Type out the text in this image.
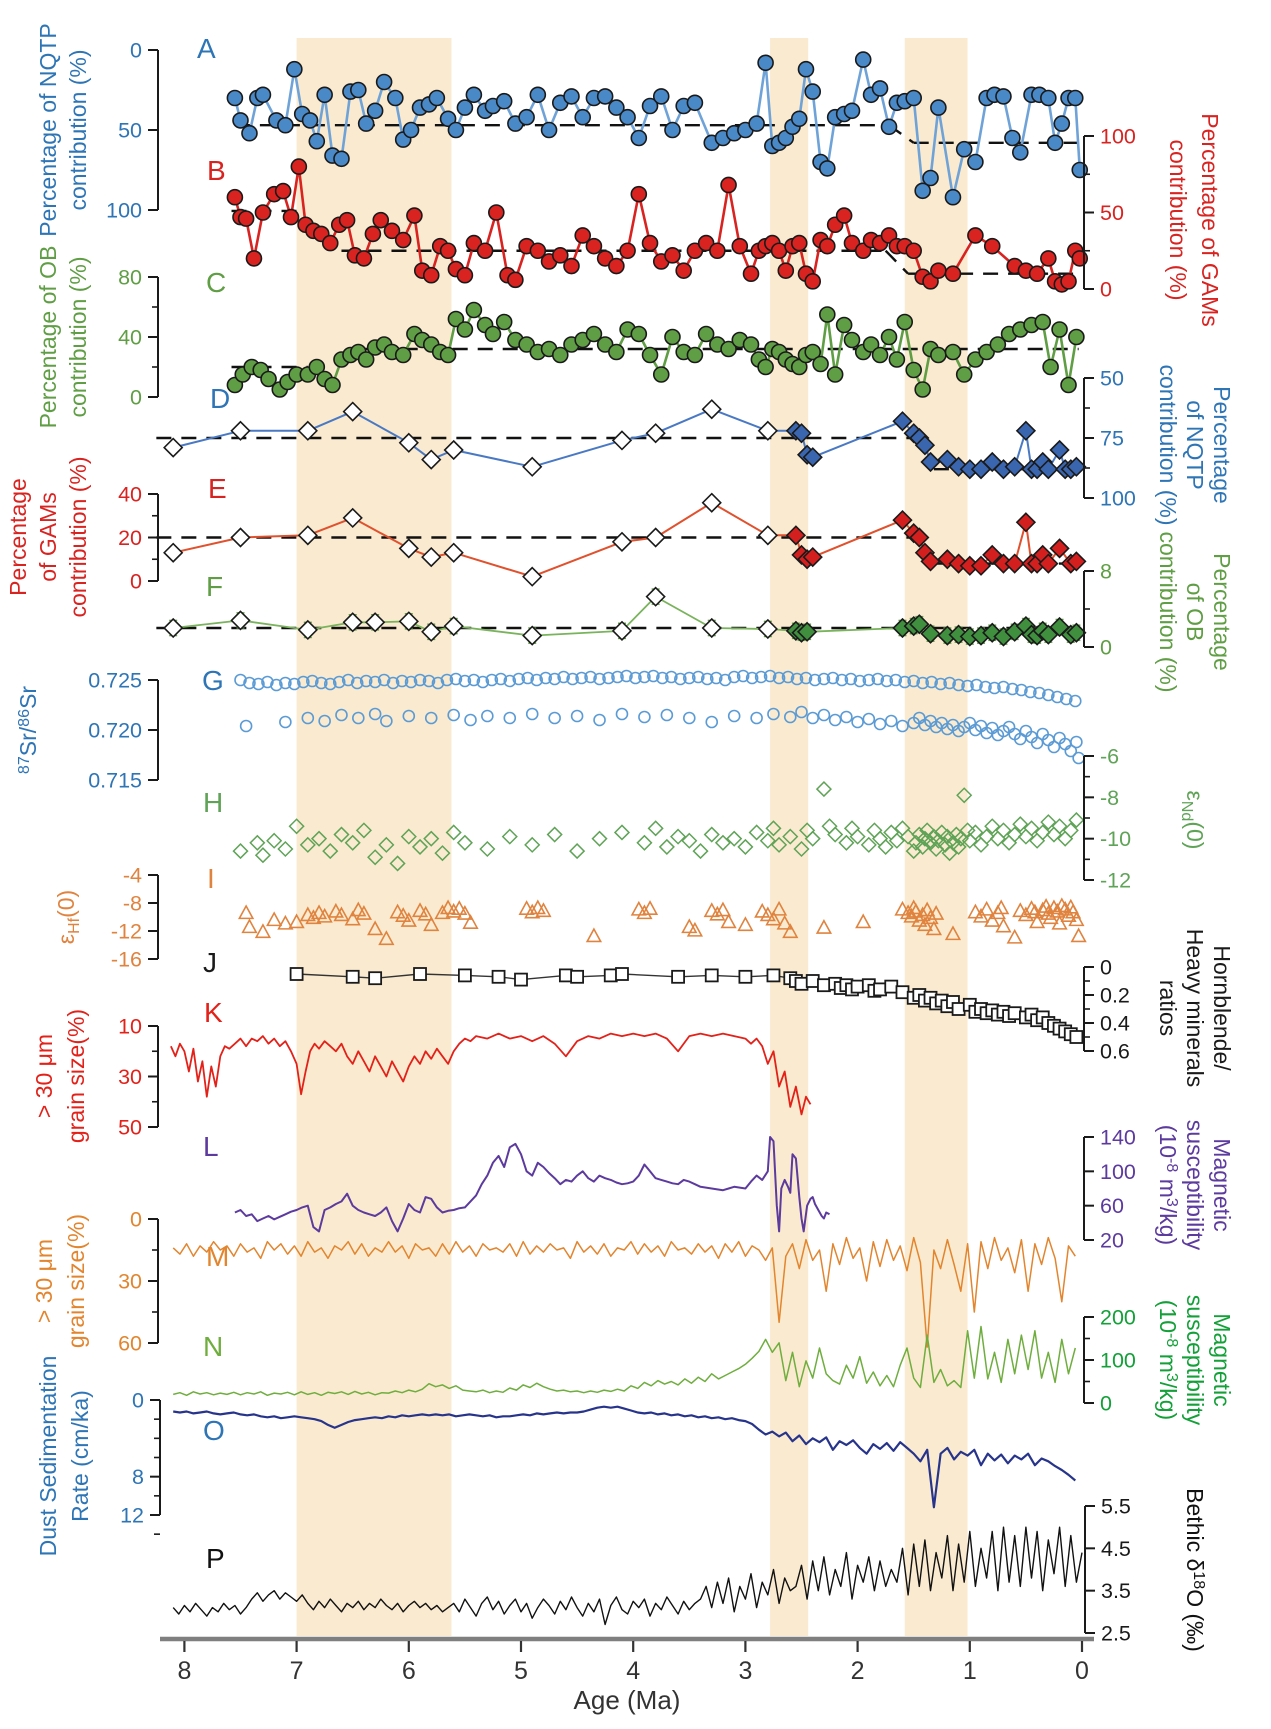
0
50
100
A
Percentage of NQTP contribution (%)	100
50
0
B	Percentage of GAMs
contribution (%)
80
40
0
C
Percentage of OB contribution (%)	50
75
100
D	Percentage
of NQTP
contribution (%)
40
20
0
E
Percentage of GAMs contribution (%)	8
0
F	Percentage
of OB
contribution (%)
0.725
0.720
0.715
G
$^{87}$Sr/$^{86}$Sr
-6
-8
-10
-12
H	$\varepsilon_{Nd}(0)$
-4
-8
-12
-16
I
$\varepsilon_{Hf}(0)$
0
0.2
0.4
0.6
J	Hornblende/
Heavy minerals
ratios
10
30
50
K
> 30 μm grain size(%)	140
100
60
20
L	Magnetic
susceptibility
($10^{-8}$ $m^3/kg$)
0
30
60
M
> 30 μm grain size(%)	200
100
0
N	Magnetic
susceptibility
($10^{-8}$ $m^3/kg$)
0
8
12
O
Dust Sedimentation Rate (cm/ka)	5.5
4.5
3.5
2.5
P	Bethic $\delta^{18}O$ (‰)
8	7	6	5	4	3	2	1	0
Age (Ma)
